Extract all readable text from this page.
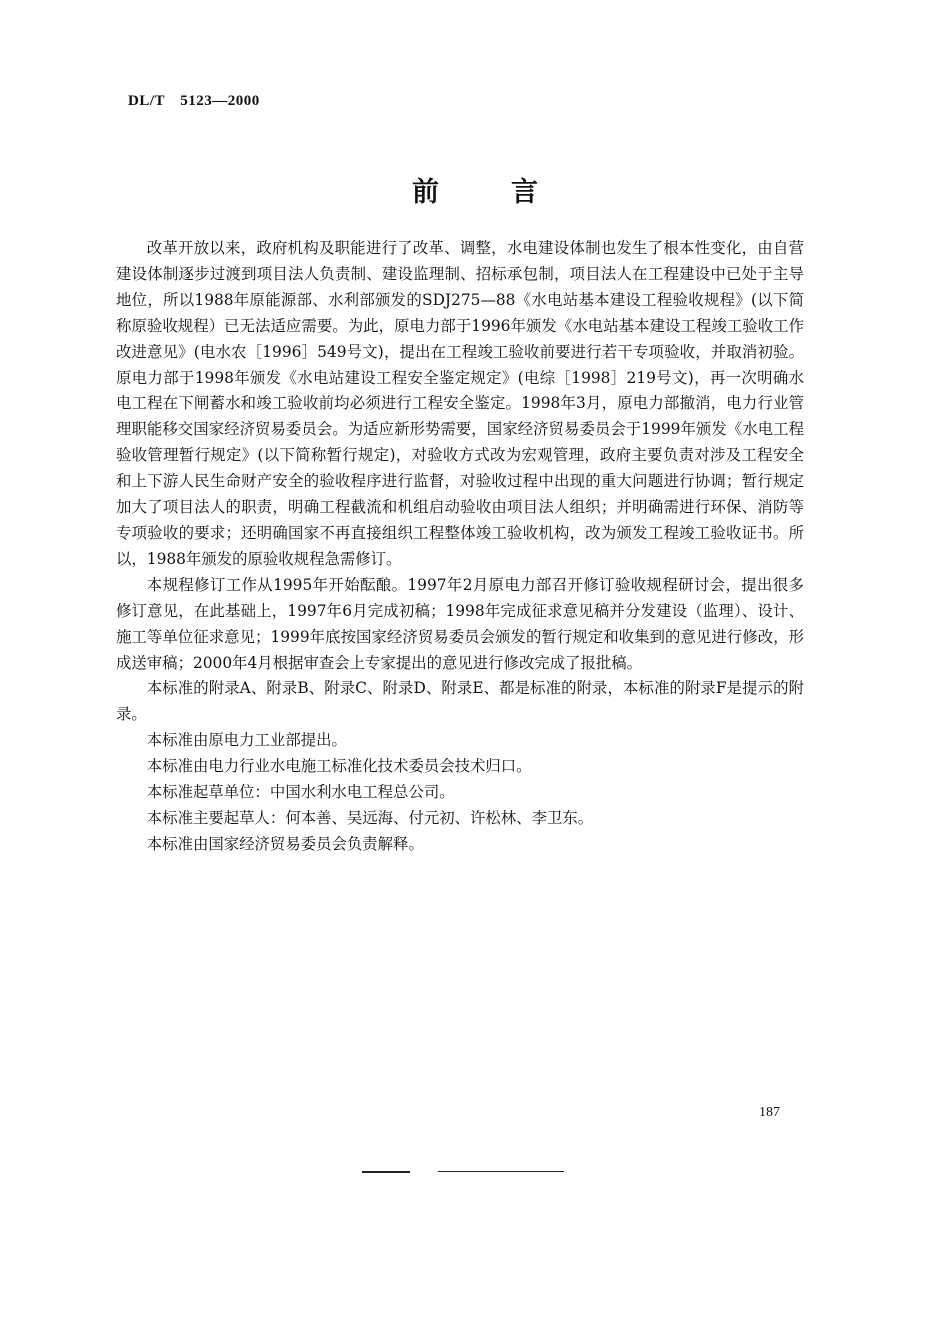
DL/T　5123—2000
前	言

改革开放以来，政府机构及职能进行了改革、调整，水电建设体制也发生了根本性变化，由自营建设体制逐步过渡到项目法人负责制、建设监理制、招标承包制，项目法人在工程建设中已处于主导地位，所以1988年原能源部、水利部颁发的SDJ275—88《水电站基本建设工程验收规程》(以下简称原验收规程）已无法适应需要。为此，原电力部于1996年颁发《水电站基本建设工程竣工验收工作改进意见》(电水农［1996］549号文)，提出在工程竣工验收前要进行若干专项验收，并取消初验。原电力部于1998年颁发《水电站建设工程安全鉴定规定》(电综［1998］219号文)，再一次明确水电工程在下闸蓄水和竣工验收前均必须进行工程安全鉴定。1998年3月，原电力部撤消，电力行业管理职能移交国家经济贸易委员会。为适应新形势需要，国家经济贸易委员会于1999年颁发《水电工程验收管理暂行规定》(以下简称暂行规定)，对验收方式改为宏观管理，政府主要负责对涉及工程安全和上下游人民生命财产安全的验收程序进行监督，对验收过程中出现的重大问题进行协调；暂行规定加大了项目法人的职责，明确工程截流和机组启动验收由项目法人组织；并明确需进行环保、消防等专项验收的要求；还明确国家不再直接组织工程整体竣工验收机构，改为颁发工程竣工验收证书。所以，1988年颁发的原验收规程急需修订。

本规程修订工作从1995年开始酝酿。1997年2月原电力部召开修订验收规程研讨会，提出很多修订意见，在此基础上，1997年6月完成初稿；1998年完成征求意见稿并分发建设（监理）、设计、施工等单位征求意见；1999年底按国家经济贸易委员会颁发的暂行规定和收集到的意见进行修改，形成送审稿；2000年4月根据审查会上专家提出的意见进行修改完成了报批稿。

本标准的附录A、附录B、附录C、附录D、附录E、都是标准的附录，本标准的附录F是提示的附录。

本标准由原电力工业部提出。

本标准由电力行业水电施工标准化技术委员会技术归口。

本标准起草单位：中国水利水电工程总公司。

本标准主要起草人：何本善、吴远海、付元初、许松林、李卫东。

本标准由国家经济贸易委员会负责解释。

187
